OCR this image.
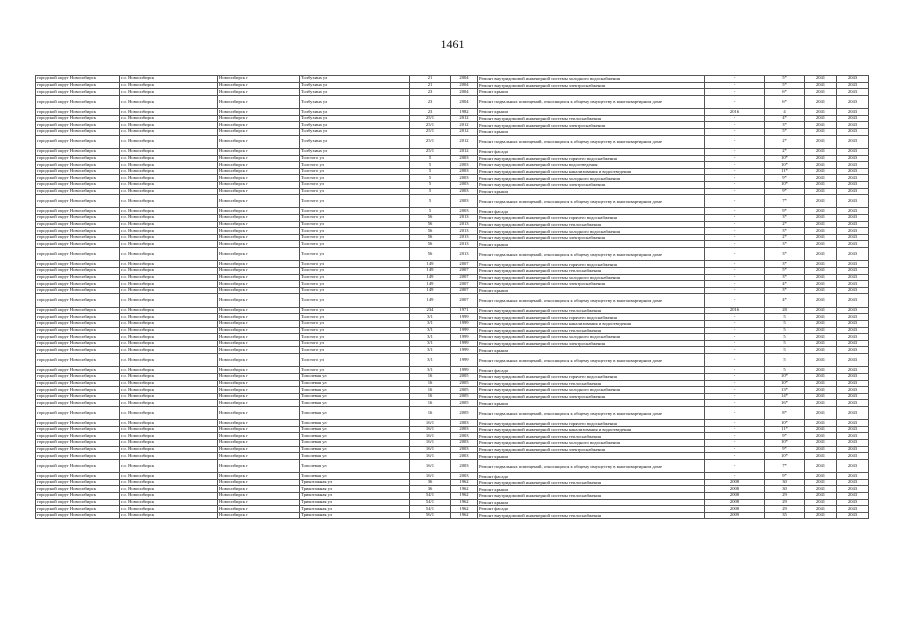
1461
городской округ Новосибирск	г.о. Новосибирск	Новосибирск г	Толбухина ул	21	2004	Ремонт внутридомовой инженерной системы холодного водоснабжения	-	5*	2041	2043
городской округ Новосибирск	г.о. Новосибирск	Новосибирск г	Толбухина ул	21	2004	Ремонт внутридомовой инженерной системы электроснабжения	-	5*	2041	2043
городской округ Новосибирск	г.о. Новосибирск	Новосибирск г	Толбухина ул	23	2004	Ремонт крыши	-	6*	2041	2043
городской округ Новосибирск	г.о. Новосибирск	Новосибирск г	Толбухина ул	23	2004	Ремонт подвальных помещений, относящихся к общему имуществу в многоквартирном доме	-	6*	2041	2043
городской округ Новосибирск	г.о. Новосибирск	Новосибирск г	Толбухина ул	23	1982	Ремонт крыши	2016	4	2041	2043
городской округ Новосибирск	г.о. Новосибирск	Новосибирск г	Толбухина ул	25/1	2012	Ремонт внутридомовой инженерной системы теплоснабжения	-	4*	2041	2043
городской округ Новосибирск	г.о. Новосибирск	Новосибирск г	Толбухина ул	25/1	2012	Ремонт внутридомовой инженерной системы электроснабжения	-	3*	2041	2043
городской округ Новосибирск	г.о. Новосибирск	Новосибирск г	Толбухина ул	25/1	2012	Ремонт крыши	-	5*	2041	2043
городской округ Новосибирск	г.о. Новосибирск	Новосибирск г	Толбухина ул	25/1	2012	Ремонт подвальных помещений, относящихся к общему имуществу в многоквартирном доме	-	2*	2041	2043
городской округ Новосибирск	г.о. Новосибирск	Новосибирск г	Толбухина ул	25/1	2012	Ремонт фасада	-	2*	2041	2043
городской округ Новосибирск	г.о. Новосибирск	Новосибирск г	Толстого ул	5	2003	Ремонт внутридомовой инженерной системы горячего водоснабжения	-	10*	2041	2043
городской округ Новосибирск	г.о. Новосибирск	Новосибирск г	Толстого ул	5	2003	Ремонт внутридомовой инженерной системы водоотведения	-	10*	2041	2043
городской округ Новосибирск	г.о. Новосибирск	Новосибирск г	Толстого ул	5	2003	Ремонт внутридомовой инженерной системы канализования и водоотведения	-	11*	2041	2043
городской округ Новосибирск	г.о. Новосибирск	Новосибирск г	Толстого ул	5	2003	Ремонт внутридомовой инженерной системы холодного водоснабжения	-	9*	2041	2043
городской округ Новосибирск	г.о. Новосибирск	Новосибирск г	Толстого ул	5	2003	Ремонт внутридомовой инженерной системы электроснабжения	-	10*	2041	2043
городской округ Новосибирск	г.о. Новосибирск	Новосибирск г	Толстого ул	5	2003	Ремонт крыши	-	9*	2041	2043
городской округ Новосибирск	г.о. Новосибирск	Новосибирск г	Толстого ул	5	2003	Ремонт подвальных помещений, относящихся к общему имуществу в многоквартирном доме	-	7*	2041	2043
городской округ Новосибирск	г.о. Новосибирск	Новосибирск г	Толстого ул	5	2003	Ремонт фасада	-	9*	2041	2043
городской округ Новосибирск	г.о. Новосибирск	Новосибирск г	Толстого ул	56	2013	Ремонт внутридомовой инженерной системы горячего водоснабжения	-	3*	2041	2043
городской округ Новосибирск	г.о. Новосибирск	Новосибирск г	Толстого ул	56	2013	Ремонт внутридомовой инженерной системы теплоснабжения	-	2*	2041	2043
городской округ Новосибирск	г.о. Новосибирск	Новосибирск г	Толстого ул	56	2013	Ремонт внутридомовой инженерной системы холодного водоснабжения	-	3*	2041	2043
городской округ Новосибирск	г.о. Новосибирск	Новосибирск г	Толстого ул	56	2013	Ремонт внутридомовой инженерной системы электроснабжения	-	2*	2041	2043
городской округ Новосибирск	г.о. Новосибирск	Новосибирск г	Толстого ул	56	2013	Ремонт крыши	-	3*	2041	2043
городской округ Новосибирск	г.о. Новосибирск	Новосибирск г	Толстого ул	56	2013	Ремонт подвальных помещений, относящихся к общему имуществу в многоквартирном доме	-	3*	2041	2043
городской округ Новосибирск	г.о. Новосибирск	Новосибирск г	Толстого ул	149	2007	Ремонт внутридомовой инженерной системы горячего водоснабжения	-	3*	2041	2043
городской округ Новосибирск	г.о. Новосибирск	Новосибирск г	Толстого ул	149	2007	Ремонт внутридомовой инженерной системы теплоснабжения	-	5*	2041	2043
городской округ Новосибирск	г.о. Новосибирск	Новосибирск г	Толстого ул	149	2007	Ремонт внутридомовой инженерной системы холодного водоснабжения	-	3*	2041	2043
городской округ Новосибирск	г.о. Новосибирск	Новосибирск г	Толстого ул	149	2007	Ремонт внутридомовой инженерной системы электроснабжения	-	4*	2041	2043
городской округ Новосибирск	г.о. Новосибирск	Новосибирск г	Толстого ул	149	2007	Ремонт крыши	-	3*	2041	2043
городской округ Новосибирск	г.о. Новосибирск	Новосибирск г	Толстого ул	149	2007	Ремонт подвальных помещений, относящихся к общему имуществу в многоквартирном доме	-	4*	2041	2043
городской округ Новосибирск	г.о. Новосибирск	Новосибирск г	Толстого ул	234	1971	Ремонт внутридомовой инженерной системы теплоснабжения	2016	28	2041	2043
городской округ Новосибирск	г.о. Новосибирск	Новосибирск г	Толстого ул	3/1	1999	Ремонт внутридомовой инженерной системы горячего водоснабжения	-	5	2041	2043
городской округ Новосибирск	г.о. Новосибирск	Новосибирск г	Толстого ул	3/1	1999	Ремонт внутридомовой инженерной системы канализования и водоотведения	-	5	2041	2043
городской округ Новосибирск	г.о. Новосибирск	Новосибирск г	Толстого ул	3/1	1999	Ремонт внутридомовой инженерной системы теплоснабжения	-	5	2041	2043
городской округ Новосибирск	г.о. Новосибирск	Новосибирск г	Толстого ул	3/1	1999	Ремонт внутридомовой инженерной системы холодного водоснабжения	-	5	2041	2043
городской округ Новосибирск	г.о. Новосибирск	Новосибирск г	Толстого ул	3/1	1999	Ремонт внутридомовой инженерной системы электроснабжения	-	5	2041	2043
городской округ Новосибирск	г.о. Новосибирск	Новосибирск г	Толстого ул	3/1	1999	Ремонт крыши	-	5	2041	2043
городской округ Новосибирск	г.о. Новосибирск	Новосибирск г	Толстого ул	3/1	1999	Ремонт подвальных помещений, относящихся к общему имуществу в многоквартирном доме	-	5	2041	2043
городской округ Новосибирск	г.о. Новосибирск	Новосибирск г	Толстого ул	3/1	1999	Ремонт фасада	-	5	2041	2043
городской округ Новосибирск	г.о. Новосибирск	Новосибирск г	Тополевая ул	16	2005	Ремонт внутридомовой инженерной системы горячего водоснабжения	-	10*	2041	2043
городской округ Новосибирск	г.о. Новосибирск	Новосибирск г	Тополевая ул	16	2005	Ремонт внутридомовой инженерной системы теплоснабжения	-	10*	2041	2043
городской округ Новосибирск	г.о. Новосибирск	Новосибирск г	Тополевая ул	16	2005	Ремонт внутридомовой инженерной системы холодного водоснабжения	-	13*	2041	2043
городской округ Новосибирск	г.о. Новосибирск	Новосибирск г	Тополевая ул	16	2005	Ремонт внутридомовой инженерной системы электроснабжения	-	14*	2041	2043
городской округ Новосибирск	г.о. Новосибирск	Новосибирск г	Тополевая ул	16	2005	Ремонт крыши	-	16*	2041	2043
городской округ Новосибирск	г.о. Новосибирск	Новосибирск г	Тополевая ул	16	2005	Ремонт подвальных помещений, относящихся к общему имуществу в многоквартирном доме	-	8*	2041	2043
городской округ Новосибирск	г.о. Новосибирск	Новосибирск г	Тополевая ул	16/1	2003	Ремонт внутридомовой инженерной системы горячего водоснабжения	-	10*	2041	2043
городской округ Новосибирск	г.о. Новосибирск	Новосибирск г	Тополевая ул	16/1	2003	Ремонт внутридомовой инженерной системы канализования и водоотведения	-	11*	2041	2043
городской округ Новосибирск	г.о. Новосибирск	Новосибирск г	Тополевая ул	16/1	2003	Ремонт внутридомовой инженерной системы теплоснабжения	-	9*	2041	2043
городской округ Новосибирск	г.о. Новосибирск	Новосибирск г	Тополевая ул	16/1	2003	Ремонт внутридомовой инженерной системы холодного водоснабжения	-	10*	2041	2043
городской округ Новосибирск	г.о. Новосибирск	Новосибирск г	Тополевая ул	16/1	2003	Ремонт внутридомовой инженерной системы электроснабжения	-	9*	2041	2043
городской округ Новосибирск	г.о. Новосибирск	Новосибирск г	Тополевая ул	16/1	2003	Ремонт крыши	-	10*	2041	2043
городской округ Новосибирск	г.о. Новосибирск	Новосибирск г	Тополевая ул	16/1	2003	Ремонт подвальных помещений, относящихся к общему имуществу в многоквартирном доме	-	7*	2041	2043
городской округ Новосибирск	г.о. Новосибирск	Новосибирск г	Тополевая ул	16/1	2003	Ремонт фасада	-	9*	2041	2043
городской округ Новосибирск	г.о. Новосибирск	Новосибирск г	Трикотажная ул	36	1962	Ремонт внутридомовой инженерной системы теплоснабжения	2008	30	2041	2043
городской округ Новосибирск	г.о. Новосибирск	Новосибирск г	Трикотажная ул	36	1962	Ремонт крыши	2008	30	2041	2043
городской округ Новосибирск	г.о. Новосибирск	Новосибирск г	Трикотажная ул	54/1	1962	Ремонт внутридомовой инженерной системы теплоснабжения	2008	29	2041	2043
городской округ Новосибирск	г.о. Новосибирск	Новосибирск г	Трикотажная ул	54/1	1962	Ремонт крыши	2008	29	2041	2043
городской округ Новосибирск	г.о. Новосибирск	Новосибирск г	Трикотажная ул	54/1	1962	Ремонт фасада	2008	29	2041	2043
городской округ Новосибирск	г.о. Новосибирск	Новосибирск г	Трикотажная ул	56/1	1962	Ремонт внутридомовой инженерной системы теплоснабжения	2009	35	2041	2043
